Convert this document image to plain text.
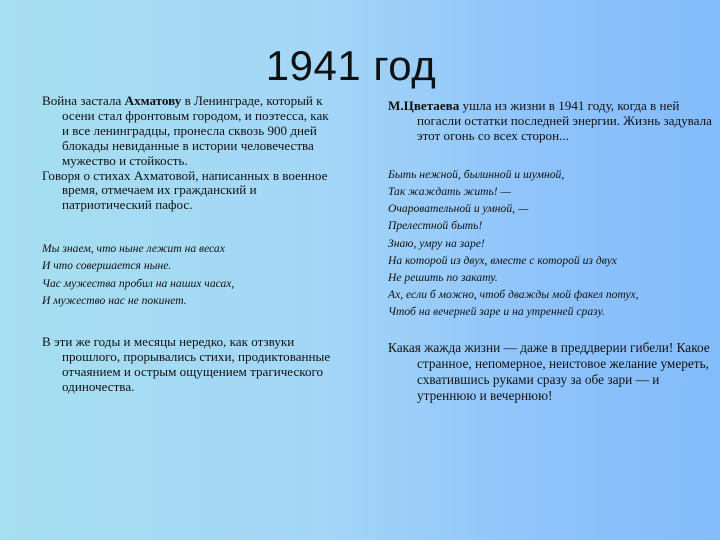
1941 год

Война застала Ахматову в Ленинграде, который к осени стал фронтовым городом, и поэтесса, как и все ленинградцы, пронесла сквозь 900 дней блокады невиданные в истории человечества мужество и стойкость.

Говоря о стихах Ахматовой, написанных в военное время, отмечаем их гражданский и патриотический пафос.

Мы знаем, что ныне лежит на весах
И что совершается ныне.
Час мужества пробил на наших часах,
И мужество нас не покинет.

В эти же годы и месяцы нередко, как отзвуки прошлого, прорывались стихи, продиктованные отчаянием и острым ощущением трагического одиночества.

М.Цветаева ушла из жизни в 1941 году, когда в ней погасли остатки последней энергии. Жизнь задувала этот огонь со всех сторон...

Быть нежной, былинной и шумной,
Так жаждать жить! —
Очаровательной и умной, —
Прелестной быть!
Знаю, умру на заре!
На которой из двух, вместе с которой из двух
Не решить по закату.
Ах, если б можно, чтоб дважды мой факел потух,
Чтоб на вечерней заре и на утренней сразу.

Какая жажда жизни — даже в преддверии гибели! Какое странное, непомерное, неистовое желание умереть, схватившись руками сразу за обе зари — и утреннюю и вечернюю!
